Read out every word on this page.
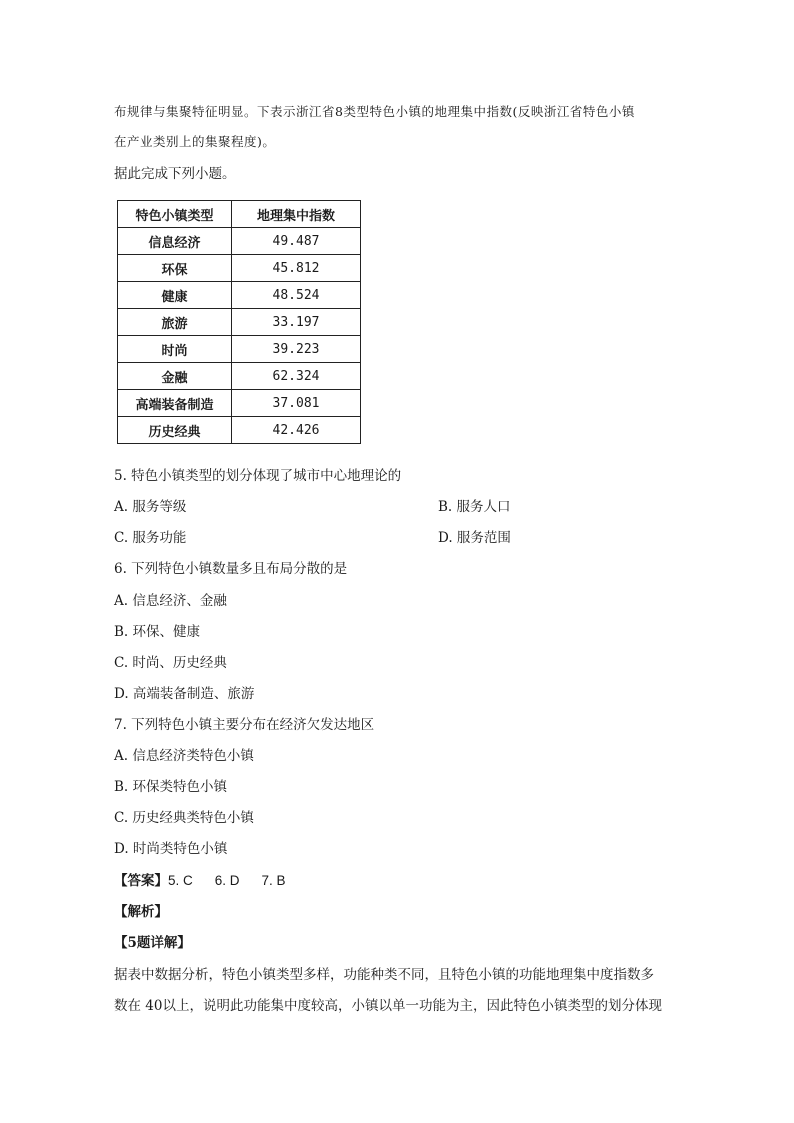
布规律与集聚特征明显。下表示浙江省8类型特色小镇的地理集中指数(反映浙江省特色小镇
在产业类别上的集聚程度)。
据此完成下列小题。
特色小镇类型	地理集中指数
信息经济	49.487
环保	45.812
健康	48.524
旅游	33.197
时尚	39.223
金融	62.324
高端装备制造	37.081
历史经典	42.426
5. 特色小镇类型的划分体现了城市中心地理论的
A. 服务等级	B. 服务人口
C. 服务功能	D. 服务范围
6. 下列特色小镇数量多且布局分散的是
A. 信息经济、金融
B. 环保、健康
C. 时尚、历史经典
D. 高端装备制造、旅游
7. 下列特色小镇主要分布在经济欠发达地区
A. 信息经济类特色小镇
B. 环保类特色小镇
C. 历史经典类特色小镇
D. 时尚类特色小镇
【答案】5. C 6. D 7. B
【解析】
【5题详解】
据表中数据分析，特色小镇类型多样，功能种类不同，且特色小镇的功能地理集中度指数多
数在 40以上，说明此功能集中度较高，小镇以单一功能为主，因此特色小镇类型的划分体现
